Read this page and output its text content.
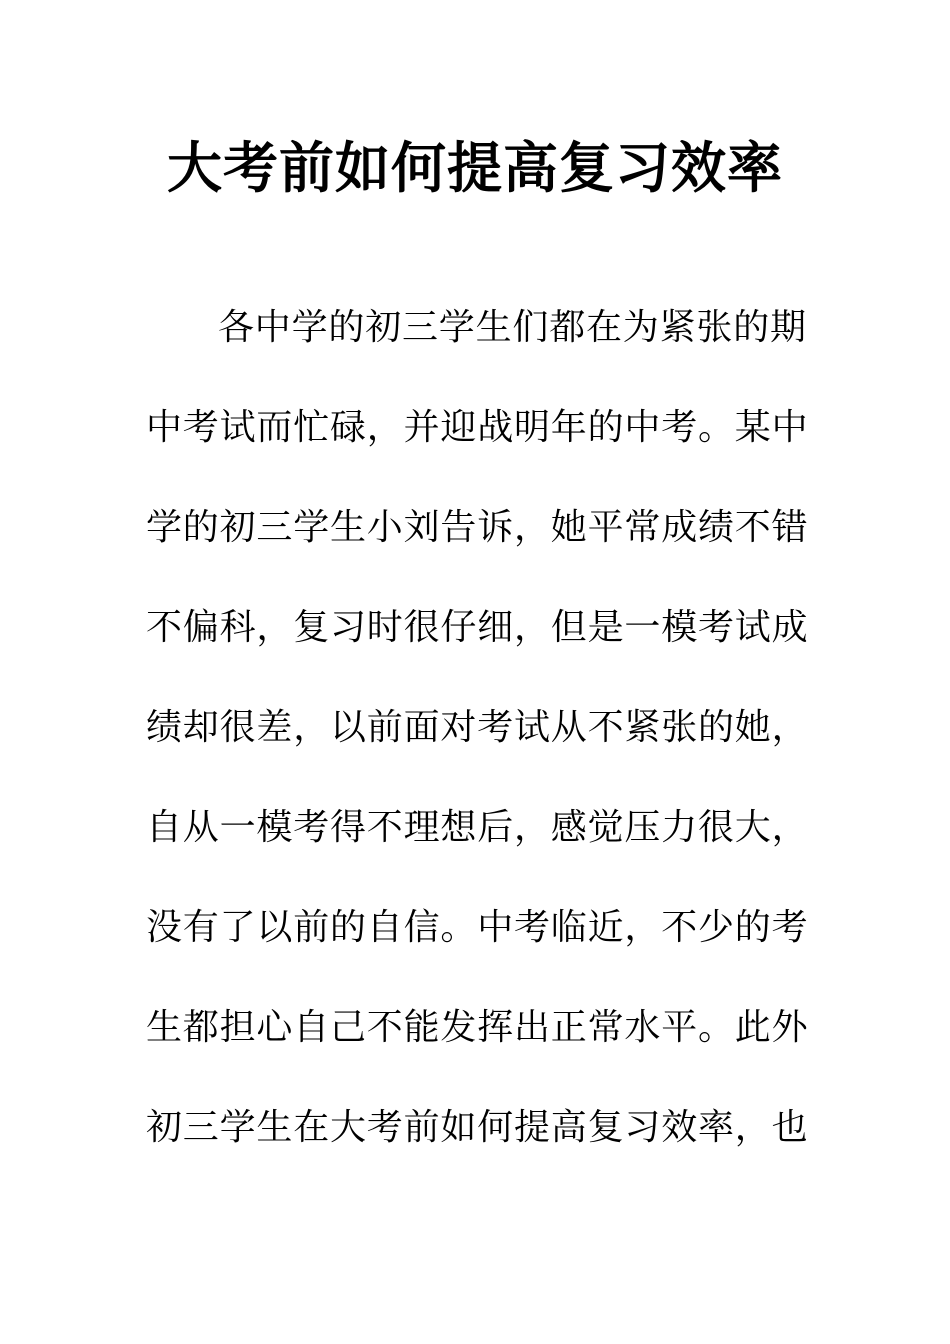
大考前如何提高复习效率
各中学的初三学生们都在为紧张的期
中考试而忙碌，并迎战明年的中考。某中
学的初三学生小刘告诉，她平常成绩不错
不偏科，复习时很仔细，但是一模考试成
绩却很差，以前面对考试从不紧张的她，
自从一模考得不理想后，感觉压力很大，
没有了以前的自信。中考临近，不少的考
生都担心自己不能发挥出正常水平。此外
初三学生在大考前如何提高复习效率，也
